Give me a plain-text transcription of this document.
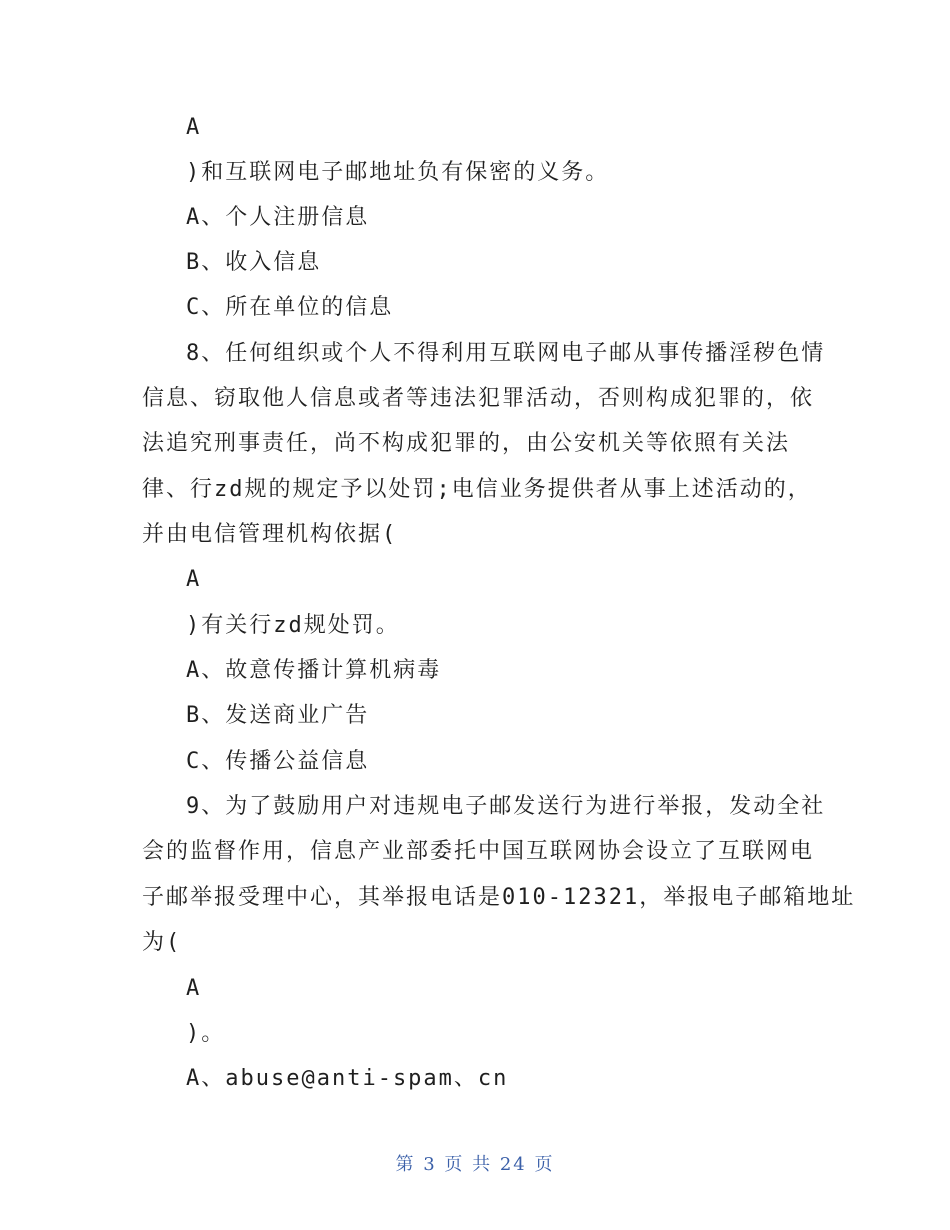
A
)和互联网电子邮地址负有保密的义务。
A、个人注册信息
B、收入信息
C、所在单位的信息
8、任何组织或个人不得利用互联网电子邮从事传播淫秽色情
信息、窃取他人信息或者等违法犯罪活动，否则构成犯罪的，依
法追究刑事责任，尚不构成犯罪的，由公安机关等依照有关法
律、行zd规的规定予以处罚;电信业务提供者从事上述活动的，
并由电信管理机构依据(
A
)有关行zd规处罚。
A、故意传播计算机病毒
B、发送商业广告
C、传播公益信息
9、为了鼓励用户对违规电子邮发送行为进行举报，发动全社
会的监督作用，信息产业部委托中国互联网协会设立了互联网电
子邮举报受理中心，其举报电话是010-12321，举报电子邮箱地址
为(
A
)。
A、abuse@anti-spam、cn
第 3 页 共 24 页
